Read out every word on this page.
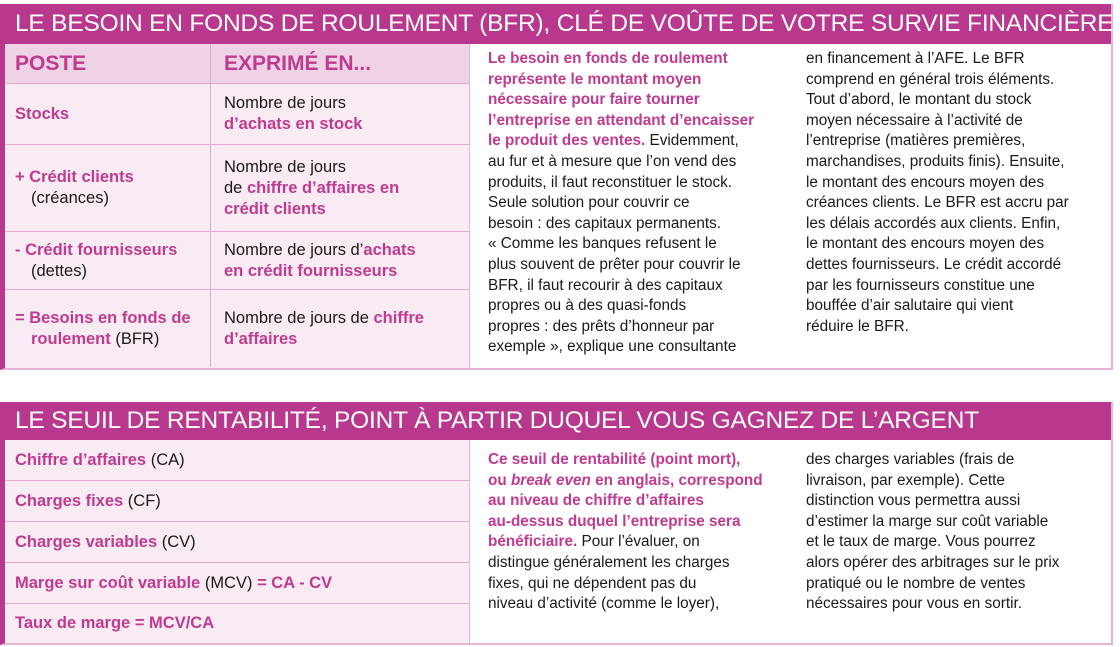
LE BESOIN EN FONDS DE ROULEMENT (BFR), CLÉ DE VOÛTE DE VOTRE SURVIE FINANCIÈRE
POSTE	EXPRIMÉ EN...
Stocks
Nombre de jours
d’achats en stock
+ Crédit clients
(créances)
Nombre de jours
de chiffre d’affaires en
crédit clients
- Crédit fournisseurs
(dettes)
Nombre de jours d’achats
en crédit fournisseurs
= Besoins en fonds de
roulement (BFR)
Nombre de jours de chiffre
d’affaires
Le besoin en fonds de roulement
représente le montant moyen
nécessaire pour faire tourner
l’entreprise en attendant d’encaisser
le produit des ventes. Evidemment,
au fur et à mesure que l’on vend des
produits, il faut reconstituer le stock.
Seule solution pour couvrir ce
besoin : des capitaux permanents.
« Comme les banques refusent le
plus souvent de prêter pour couvrir le
BFR, il faut recourir à des capitaux
propres ou à des quasi-fonds
propres : des prêts d’honneur par
exemple », explique une consultante
en financement à l’AFE. Le BFR
comprend en général trois éléments.
Tout d’abord, le montant du stock
moyen nécessaire à l’activité de
l’entreprise (matières premières,
marchandises, produits finis). Ensuite,
le montant des encours moyen des
créances clients. Le BFR est accru par
les délais accordés aux clients. Enfin,
le montant des encours moyen des
dettes fournisseurs. Le crédit accordé
par les fournisseurs constitue une
bouffée d’air salutaire qui vient
réduire le BFR.
LE SEUIL DE RENTABILITÉ, POINT À PARTIR DUQUEL VOUS GAGNEZ DE L’ARGENT
Chiffre d’affaires (CA)
Charges fixes (CF)
Charges variables (CV)
Marge sur coût variable (MCV) = CA - CV
Taux de marge = MCV/CA
Ce seuil de rentabilité (point mort),
ou break even en anglais, correspond
au niveau de chiffre d’affaires
au-dessus duquel l’entreprise sera
bénéficiaire. Pour l’évaluer, on
distingue généralement les charges
fixes, qui ne dépendent pas du
niveau d’activité (comme le loyer),
des charges variables (frais de
livraison, par exemple). Cette
distinction vous permettra aussi
d’estimer la marge sur coût variable
et le taux de marge. Vous pourrez
alors opérer des arbitrages sur le prix
pratiqué ou le nombre de ventes
nécessaires pour vous en sortir.
